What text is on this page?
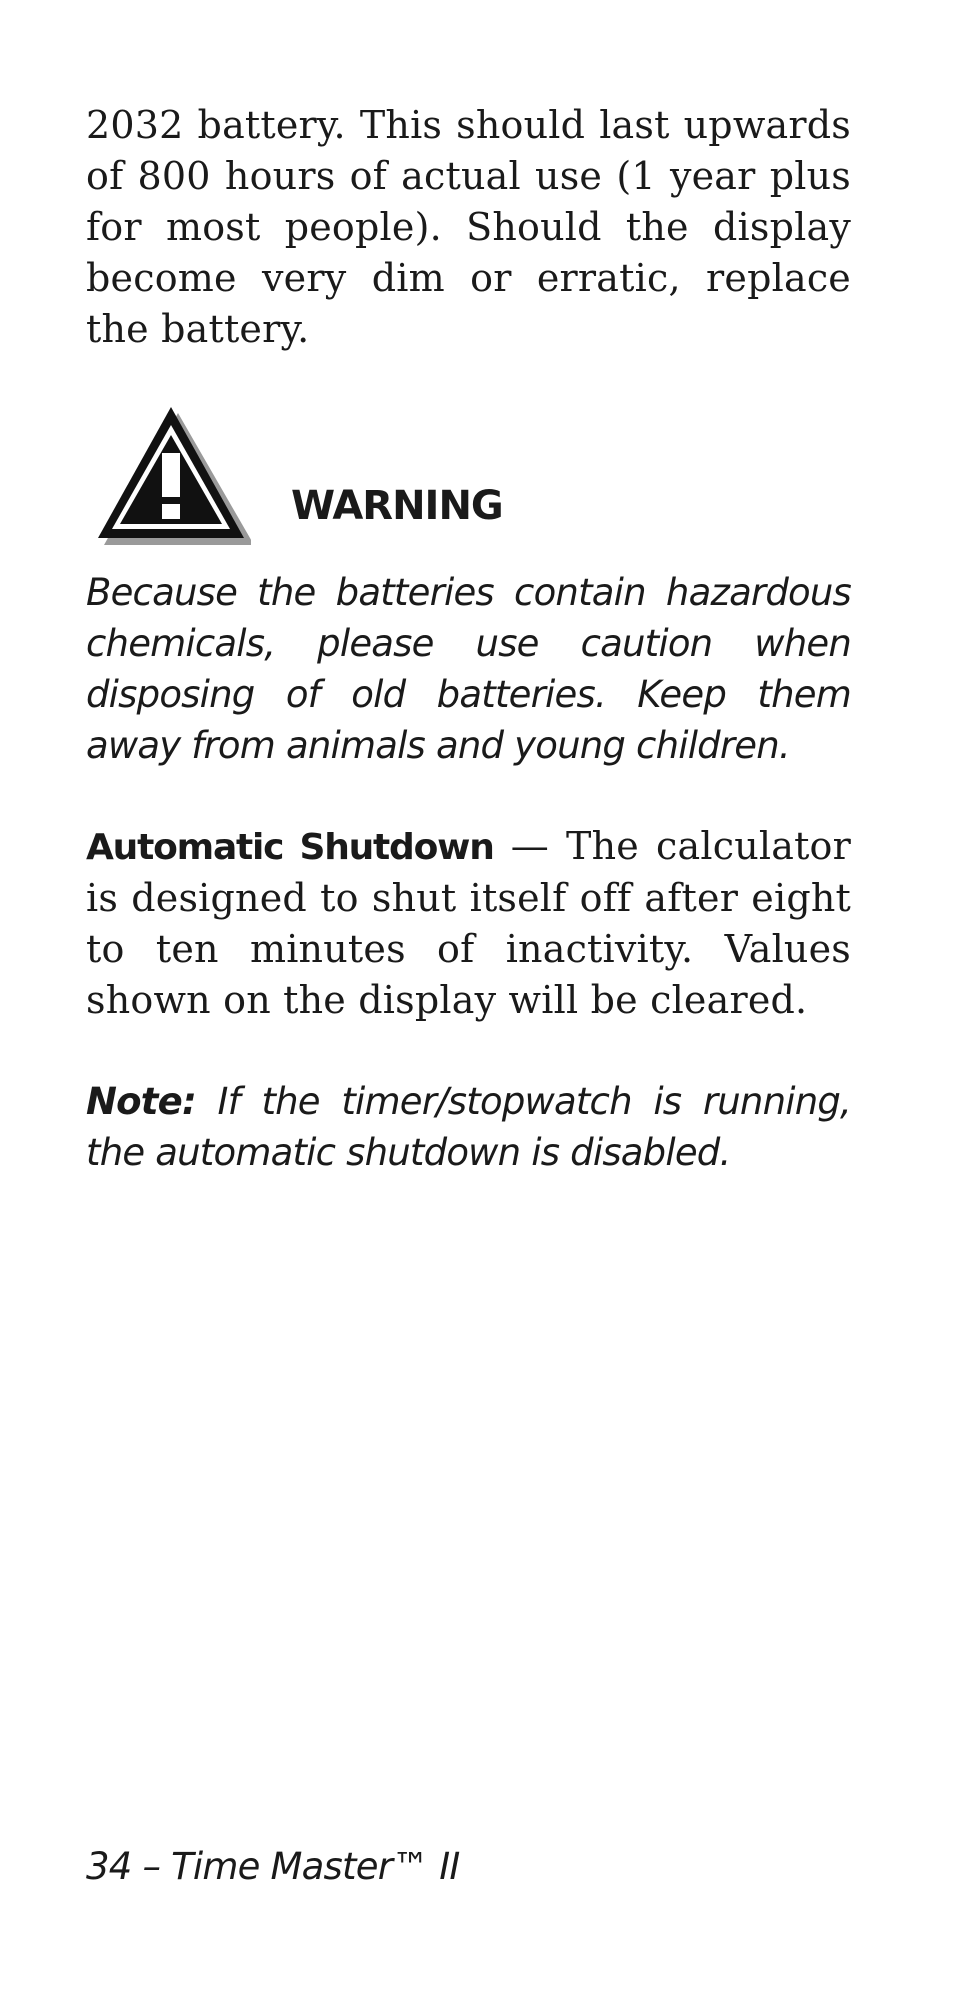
2032 battery. This should last upwards of 800 hours of actual use (1 year plus for most people). Should the display become very dim or erratic, replace the battery.

WARNING

Because the batteries contain hazardous chemicals, please use caution when disposing of old batteries. Keep them away from animals and young children.

Automatic Shutdown — The calculator is designed to shut itself off after eight to ten minutes of inactivity. Values shown on the display will be cleared.

Note: If the timer/stopwatch is running, the automatic shutdown is disabled.

34 – Time Master™ II
